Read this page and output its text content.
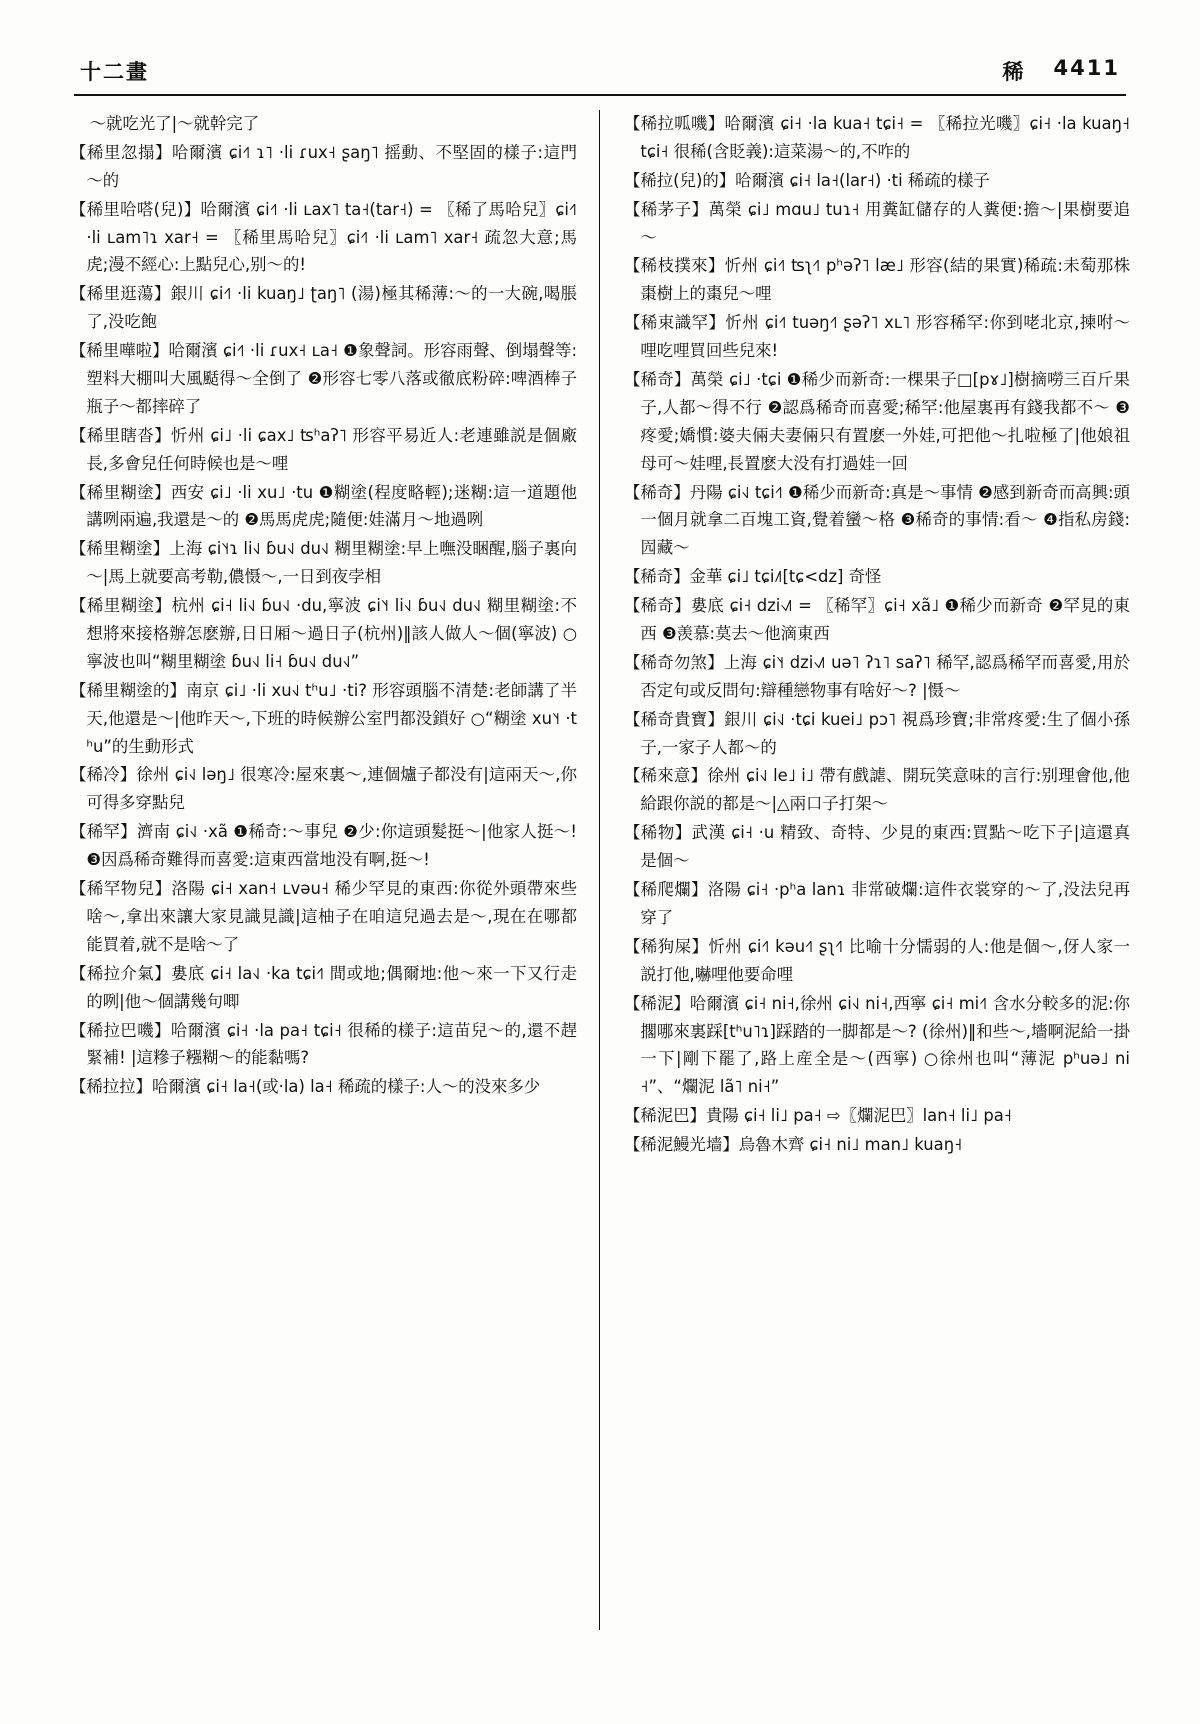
十二畫	稀 4411
～就吃光了|～就幹完了
【稀里忽搨】哈爾濱 ɕi˧˥ ɿ˥ ·li ɾux˧ ʂaŋ˥ 摇動、不堅固的樣子:這門～的
【稀里哈嗒(兒)】哈爾濱 ɕi˧˥ ·li ʟax˥ ta˧(tar˧) = 〖稀了馬哈兒〗ɕi˧˥ ·li ʟam˥ɿ xar˧ = 〖稀里馬哈兒〗ɕi˧˥ ·li ʟam˥ xar˧ 疏忽大意;馬虎;漫不經心:上點兒心,别～的!
【稀里逛蕩】銀川 ɕi˧˥ ·li kuaŋ˩ ʈaŋ˥ (湯)極其稀薄:～的一大碗,喝脹了,没吃飽
【稀里嘩啦】哈爾濱 ɕi˧˥ ·li ɾux˧ ʟa˧ ❶象聲詞。形容雨聲、倒塌聲等:塑料大棚叫大風颳得～全倒了 ❷形容七零八落或徹底粉碎:啤酒棒子瓶子～都摔碎了
【稀里瞎沓】忻州 ɕi˩ ·li ɕax˩ ʦʰaʔ˥ 形容平易近人:老連雖説是個廠長,多會兒任何時候也是～哩
【稀里糊塗】西安 ɕi˩ ·li xu˩ ·tu ❶糊塗(程度略輕);迷糊:這一道題他講咧兩遍,我還是～的 ❷馬馬虎虎;隨便:娃滿月～地過咧
【稀里糊塗】上海 ɕi˥˧ɿ li˧˩ ɓu˧˩ du˧˩ 糊里糊塗:早上嘸没睏醒,腦子裏向～|馬上就要高考勒,儂慑～,一日到夜孛相
【稀里糊塗】杭州 ɕi˧ li˧˩ ɓu˧˩ ·du,寧波 ɕi˥˧ li˧˩ ɓu˧˩ du˧˩ 糊里糊塗:不想將來接格辦怎麽辦,日日厢～過日子(杭州)‖該人做人～個(寧波) ○寧波也叫“糊里糊塗 ɓu˧˩ li˧ ɓu˧˩ du˧˩”
【稀里糊塗的】南京 ɕi˩ ·li xu˧˩ tʰu˩ ·ti? 形容頭腦不清楚:老師講了半天,他還是～|他昨天～,下班的時候辦公室門都没鎖好 ○“糊塗 xu˥˧ ·tʰu”的生動形式
【稀冷】徐州 ɕi˧˩ ləŋ˩ 很寒冷:屋來裏～,連個爐子都没有|這兩天～,你可得多穿點兒
【稀罕】濟南 ɕi˧˩ ·xã ❶稀奇:～事兒 ❷少:你這頭髮挺～|他家人挺～! ❸因爲稀奇難得而喜愛:這東西當地没有啊,挺～!
【稀罕物兒】洛陽 ɕi˧ xan˧ ʟvəu˧ 稀少罕見的東西:你從外頭帶來些啥～,拿出來讓大家見識見識|這柚子在咱這兒過去是～,現在在哪都能買着,就不是啥～了
【稀拉介氣】婁底 ɕi˧ la˧˩ ·ka tɕi˧˥ 間或地;偶爾地:他～來一下又行走的咧|他～個講幾句唧
【稀拉巴嘰】哈爾濱 ɕi˧ ·la pa˧ tɕi˧ 很稀的樣子:這苗兒～的,還不趕緊補! |這糝子糨糊～的能黏嗎?
【稀拉拉】哈爾濱 ɕi˧ la˧(或·la) la˧ 稀疏的樣子:人～的没來多少
【稀拉呱嘰】哈爾濱 ɕi˧ ·la kua˧ tɕi˧ = 〖稀拉光嘰〗ɕi˧ ·la kuaŋ˧ tɕi˧ 很稀(含貶義):這菜湯～的,不咋的
【稀拉(兒)的】哈爾濱 ɕi˧ la˧(lar˧) ·ti 稀疏的樣子
【稀茅子】萬榮 ɕi˩ mɑu˩ tuɿ˧ 用糞缸儲存的人糞便:擔～|果樹要追～
【稀枝撲來】忻州 ɕi˧˥ ʦʅ˧˥ pʰəʔ˥ læ˩ 形容(結的果實)稀疏:未萄那株棗樹上的棗兒～哩
【稀束識罕】忻州 ɕi˧˥ tuəŋ˧˥ ʂəʔ˥ xʟ˥ 形容稀罕:你到咾北京,揀咐～哩吃哩買回些兒來!
【稀奇】萬榮 ɕi˩ ·tɕi ❶稀少而新奇:一棵果子□[pɤ˩]樹摘嘮三百斤果子,人都～得不行 ❷認爲稀奇而喜愛;稀罕:他屋裏再有錢我都不～ ❸疼愛;嬌慣:婆夫倆夫妻倆只有置麽一外娃,可把他～扎啦極了|他娘祖母可～娃哩,長置麽大没有打過娃一回
【稀奇】丹陽 ɕi˧˩ tɕi˧˥ ❶稀少而新奇:真是～事情 ❷感到新奇而高興:頭一個月就拿二百塊工資,覺着蠻～格 ❸稀奇的事情:看～ ❹指私房錢:囥藏～
【稀奇】金華 ɕi˩ tɕi˩˥[tɕ<dz] 奇怪
【稀奇】婁底 ɕi˧ dzi˧˩˥ = 〖稀罕〗ɕi˧ xã˩ ❶稀少而新奇 ❷罕見的東西 ❸羡慕:莫去～他滴東西
【稀奇勿煞】上海 ɕi˥˧ dzi˧˩˥ uə˥ ʔɿ˥ saʔ˥ 稀罕,認爲稀罕而喜愛,用於否定句或反問句:辯種戀物事有啥好～? |慑～
【稀奇貴寶】銀川 ɕi˧˩ ·tɕi kuei˩ pɔ˥ 視爲珍寶;非常疼愛:生了個小孫子,一家子人都～的
【稀來意】徐州 ɕi˧˩ le˩ i˩ 帶有戲謔、開玩笑意味的言行:别理會他,他給跟你説的都是～|△兩口子打架～
【稀物】武漢 ɕi˧ ·u 精致、奇特、少見的東西:買點～吃下子|這還真是個～
【稀爬爛】洛陽 ɕi˧ ·pʰa lanɿ 非常破爛:這件衣裳穿的～了,没法兒再穿了
【稀狗屎】忻州 ɕi˧˥ kəu˧˥ ʂʅ˧˥ 比喻十分懦弱的人:他是個～,伢人家一説打他,嚇哩他要命哩
【稀泥】哈爾濱 ɕi˧ ni˧,徐州 ɕi˧˩ ni˧,西寧 ɕi˧ mi˧˥ 含水分較多的泥:你擱哪來裏踩[tʰu˥ɿ]踩踏的一脚都是～? (徐州)‖和些～,墻啊泥給一掛一下|剛下罷了,路上産全是～(西寧) ○徐州也叫“薄泥 pʰuə˩ ni˧”、“爛泥 lã˥ ni˧”
【稀泥巴】貴陽 ɕi˧ li˩ pa˧ ⇨〖爛泥巴〗lan˧ li˩ pa˧
【稀泥鰻光墙】烏魯木齊 ɕi˧ ni˩ man˩ kuaŋ˧
